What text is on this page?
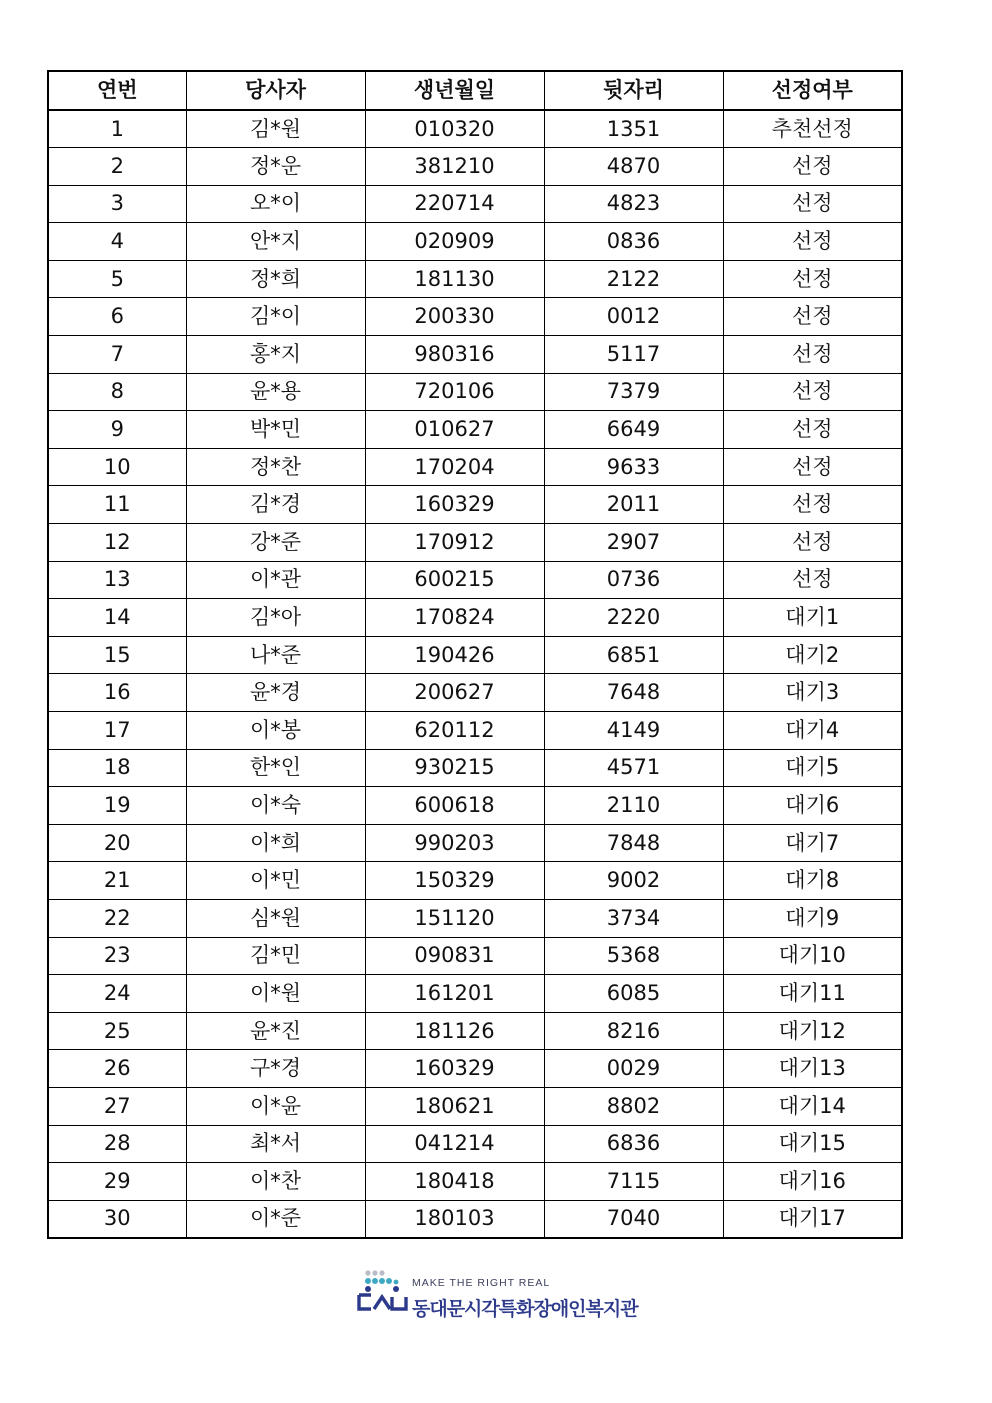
연번	당사자	생년월일	뒷자리	선정여부
1	김*원	010320	1351	추천선정
2	정*운	381210	4870	선정
3	오*이	220714	4823	선정
4	안*지	020909	0836	선정
5	정*희	181130	2122	선정
6	김*이	200330	0012	선정
7	홍*지	980316	5117	선정
8	윤*용	720106	7379	선정
9	박*민	010627	6649	선정
10	정*찬	170204	9633	선정
11	김*경	160329	2011	선정
12	강*준	170912	2907	선정
13	이*관	600215	0736	선정
14	김*아	170824	2220	대기1
15	나*준	190426	6851	대기2
16	윤*경	200627	7648	대기3
17	이*봉	620112	4149	대기4
18	한*인	930215	4571	대기5
19	이*숙	600618	2110	대기6
20	이*희	990203	7848	대기7
21	이*민	150329	9002	대기8
22	심*원	151120	3734	대기9
23	김*민	090831	5368	대기10
24	이*원	161201	6085	대기11
25	윤*진	181126	8216	대기12
26	구*경	160329	0029	대기13
27	이*윤	180621	8802	대기14
28	최*서	041214	6836	대기15
29	이*찬	180418	7115	대기16
30	이*준	180103	7040	대기17
MAKE THE RIGHT REAL
동대문시각특화장애인복지관
